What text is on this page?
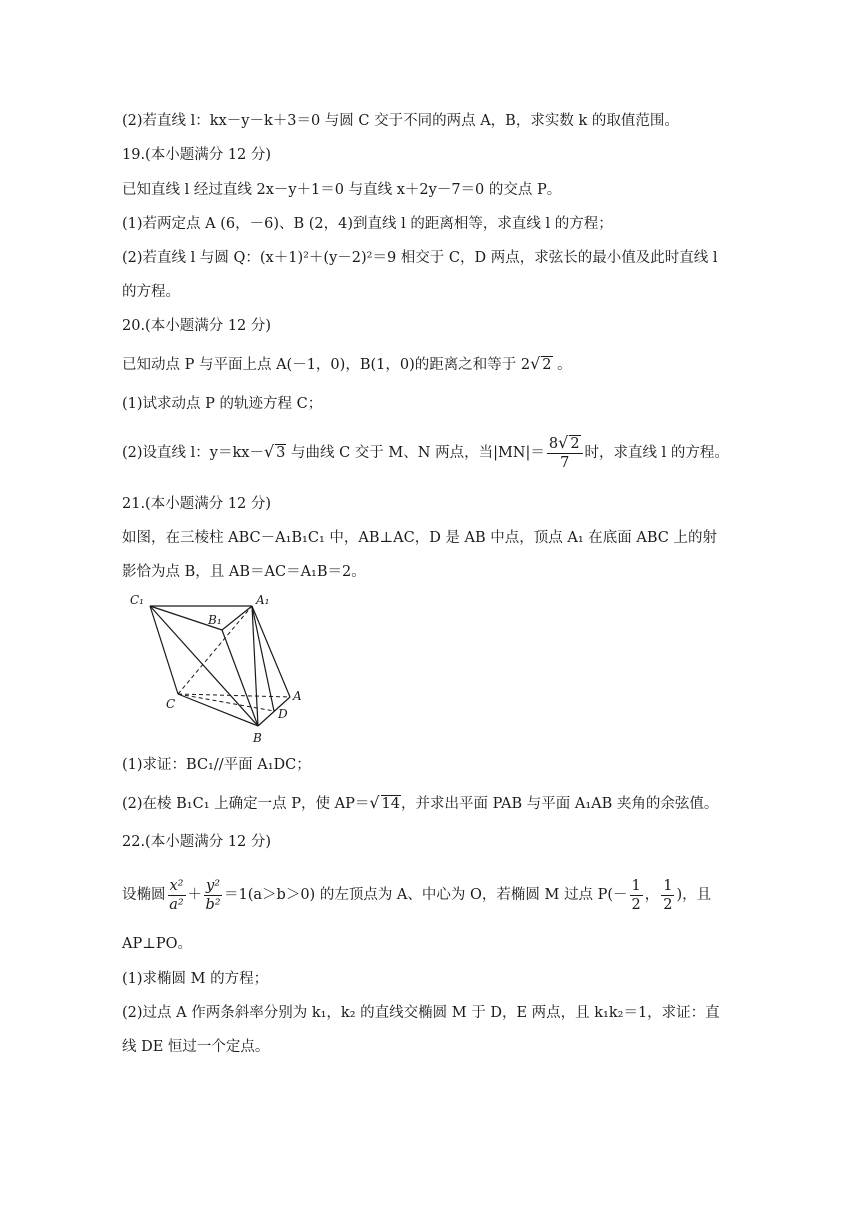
(2)若直线 l：kx－y－k＋3＝0 与圆 C 交于不同的两点 A，B，求实数 k 的取值范围。
19.(本小题满分 12 分)
已知直线 l 经过直线 2x－y＋1＝0 与直线 x＋2y－7＝0 的交点 P。
(1)若两定点 A (6，－6)、B (2，4)到直线 l 的距离相等，求直线 l 的方程；
(2)若直线 l 与圆 Q：(x＋1)²＋(y－2)²＝9 相交于 C，D 两点，求弦长的最小值及此时直线 l
的方程。
20.(本小题满分 12 分)
已知动点 P 与平面上点 A(－1，0)，B(1，0)的距离之和等于 2√ 2 。
(1)试求动点 P 的轨迹方程 C；
(2)设直线 l：y＝kx－√ 3 与曲线 C 交于 M、N 两点，当$|MN|= \frac{8√ 2}{7}$ 时，求直线 l 的方程。
21.(本小题满分 12 分)
如图，在三棱柱 ABC－A₁B₁C₁ 中，AB⊥AC，D 是 AB 中点，顶点 A₁ 在底面 ABC 上的射
影恰为点 B，且 AB＝AC＝A₁B＝2。
C₁	A₁
B₁
C
A
D
B
(1)求证：BC₁//平面 A₁DC；
(2)在棱 B₁C₁ 上确定一点 P，使 AP＝√ 14，并求出平面 PAB 与平面 A₁AB 夹角的余弦值。
22.(本小题满分 12 分)
设椭圆 $\frac{\text{x²}}{\text{a²}} + \frac{\text{y²}}{\text{b²}} =1(a>b>0)$ 的左顶点为 A、中心为 O，若椭圆 M 过点 $P(- \frac{1}{2}$ ， $\frac{1}{2}$ )，且
AP⊥PO。
(1)求椭圆 M 的方程；
(2)过点 A 作两条斜率分别为 k₁，k₂ 的直线交椭圆 M 于 D，E 两点，且 k₁k₂＝1，求证：直
线 DE 恒过一个定点。
